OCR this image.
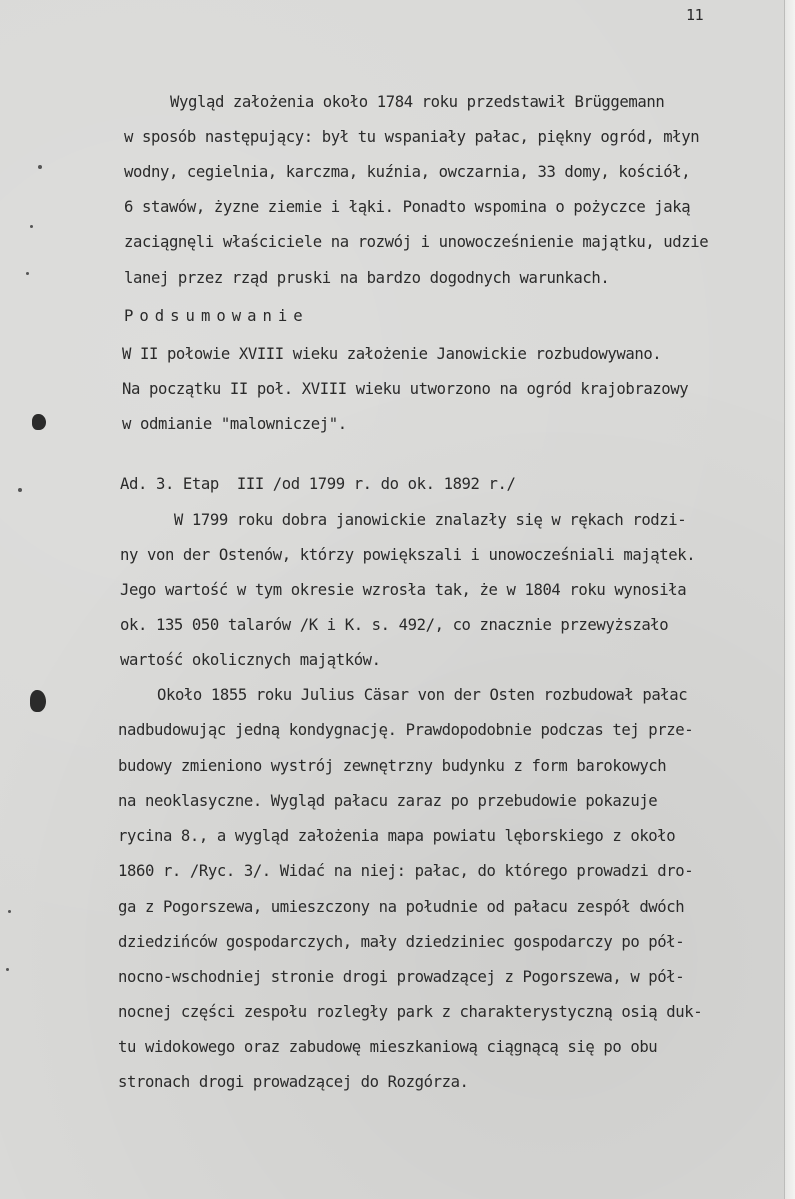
11
Wygląd założenia około 1784 roku przedstawił Brüggemann
w sposób następujący: był tu wspaniały pałac, piękny ogród, młyn
wodny, cegielnia, karczma, kuźnia, owczarnia, 33 domy, kościół,
6 stawów, żyzne ziemie i łąki. Ponadto wspomina o pożyczce jaką
zaciągnęli właściciele na rozwój i unowocześnienie majątku, udzie
lanej przez rząd pruski na bardzo dogodnych warunkach.
Podsumowanie
W II połowie XVIII wieku założenie Janowickie rozbudowywano.
Na początku II poł. XVIII wieku utworzono na ogród krajobrazowy
w odmianie "malowniczej".
Ad. 3. Etap  III /od 1799 r. do ok. 1892 r./
W 1799 roku dobra janowickie znalazły się w rękach rodzi-
ny von der Ostenów, którzy powiększali i unowocześniali majątek.
Jego wartość w tym okresie wzrosła tak, że w 1804 roku wynosiła
ok. 135 050 talarów /K i K. s. 492/, co znacznie przewyższało
wartość okolicznych majątków.
Około 1855 roku Julius Cäsar von der Osten rozbudował pałac
nadbudowując jedną kondygnację. Prawdopodobnie podczas tej prze-
budowy zmieniono wystrój zewnętrzny budynku z form barokowych
na neoklasyczne. Wygląd pałacu zaraz po przebudowie pokazuje
rycina 8., a wygląd założenia mapa powiatu lęborskiego z około
1860 r. /Ryc. 3/. Widać na niej: pałac, do którego prowadzi dro-
ga z Pogorszewa, umieszczony na południe od pałacu zespół dwóch
dziedzińców gospodarczych, mały dziedziniec gospodarczy po pół-
nocno-wschodniej stronie drogi prowadzącej z Pogorszewa, w pół-
nocnej części zespołu rozległy park z charakterystyczną osią duk-
tu widokowego oraz zabudowę mieszkaniową ciągnącą się po obu
stronach drogi prowadzącej do Rozgórza.
